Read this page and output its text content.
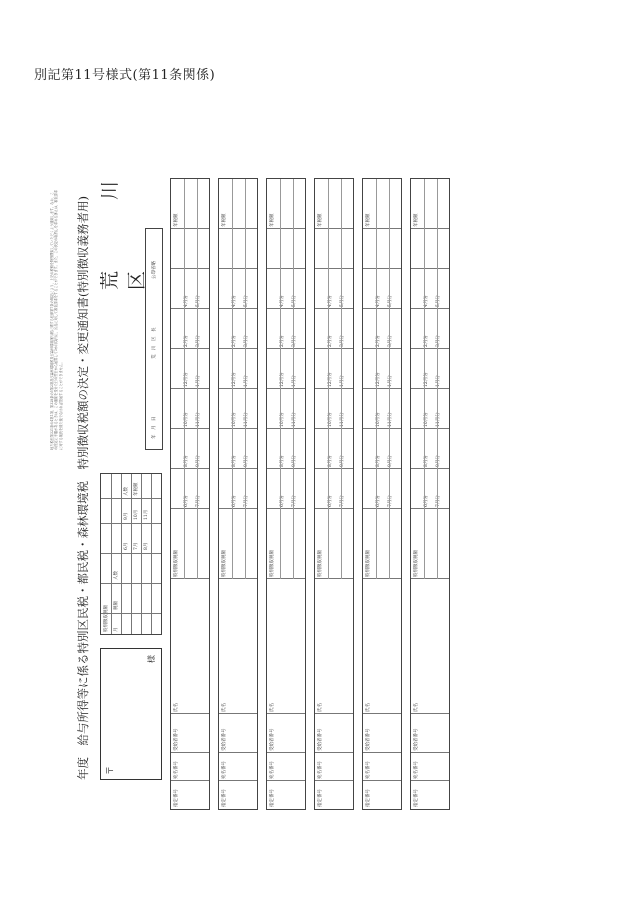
別記第11号様式(第11条関係)
年度　給与所得等に係る特別区民税・都民税・森林環境税　特別徴収税額の決定・変更通知書(特別徴収義務者用) 荒　川　区
地方税法第321条の4第1項、第328条の5第2項及び森林環境税及び森林環境譲与税に関する法律第7条の規定により、上記の税額を特別徴収していただくよう通知します。なお、この決定に不服があるときは、この通知を受けた日の翌日から起算して3か月以内に、区長に対して審査請求をすることができます。また、この決定の取消しを求める訴えは、審査請求に対する裁決を経た後でなければ提起することができません。
〒
様
特別徴収税額 月
税額
人数
6月 7月 8月
9月 10月 11月
人数 年税額
年　月　日
荒　川　区　長
公印省略
指定番号
宛名番号
受給者番号
氏名
特別徴収税額
年税額
6月分 7月分
8月分 9月分
10月分 11月分
12月分 1月分
2月分 3月分
4月分 5月分
指定番号
宛名番号
受給者番号
氏名
特別徴収税額
年税額
6月分 7月分
8月分 9月分
10月分 11月分
12月分 1月分
2月分 3月分
4月分 5月分
指定番号
宛名番号
受給者番号
氏名
特別徴収税額
年税額
6月分 7月分
8月分 9月分
10月分 11月分
12月分 1月分
2月分 3月分
4月分 5月分
指定番号
宛名番号
受給者番号
氏名
特別徴収税額
年税額
6月分 7月分
8月分 9月分
10月分 11月分
12月分 1月分
2月分 3月分
4月分 5月分
指定番号
宛名番号
受給者番号
氏名
特別徴収税額
年税額
6月分 7月分
8月分 9月分
10月分 11月分
12月分 1月分
2月分 3月分
4月分 5月分
指定番号
宛名番号
受給者番号
氏名
特別徴収税額
年税額
6月分 7月分
8月分 9月分
10月分 11月分
12月分 1月分
2月分 3月分
4月分 5月分
